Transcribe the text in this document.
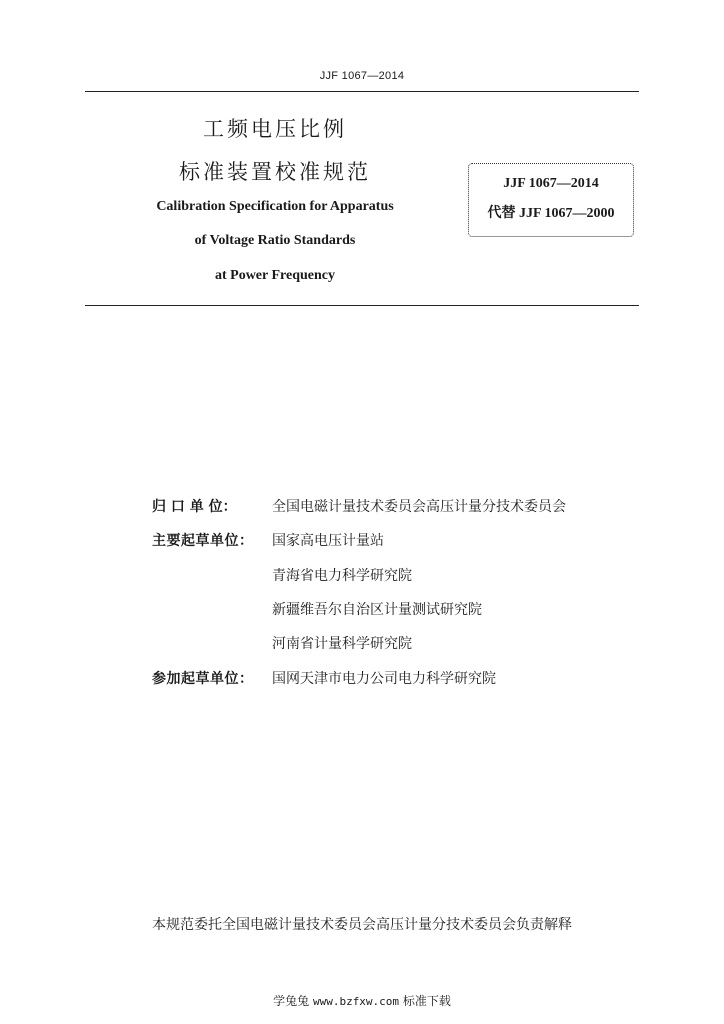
JJF 1067—2014
工频电压比例
标准装置校准规范
Calibration Specification for Apparatus
of Voltage Ratio Standards
at Power Frequency
JJF 1067—2014
代替 JJF 1067—2000
归 口 单 位：	全国电磁计量技术委员会高压计量分技术委员会
主要起草单位： 国家高电压计量站
青海省电力科学研究院
新疆维吾尔自治区计量测试研究院
河南省计量科学研究院
参加起草单位： 国网天津市电力公司电力科学研究院
本规范委托全国电磁计量技术委员会高压计量分技术委员会负责解释
学兔兔 www.bzfxw.com 标准下载
